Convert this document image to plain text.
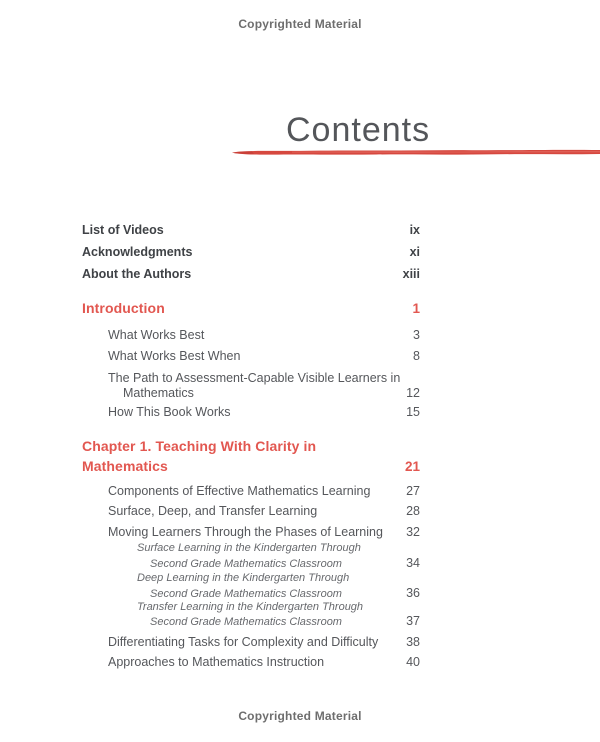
Copyrighted Material
Contents
List of Videos	ix
Acknowledgments	xi
About the Authors	xiii
Introduction	1
What Works Best	3
What Works Best When	8
The Path to Assessment-Capable Visible Learners in
Mathematics	12
How This Book Works	15
Chapter 1. Teaching With Clarity in
Mathematics	21
Components of Effective Mathematics Learning	27
Surface, Deep, and Transfer Learning	28
Moving Learners Through the Phases of Learning	32
Surface Learning in the Kindergarten Through
Second Grade Mathematics Classroom	34
Deep Learning in the Kindergarten Through
Second Grade Mathematics Classroom	36
Transfer Learning in the Kindergarten Through
Second Grade Mathematics Classroom	37
Differentiating Tasks for Complexity and Difficulty	38
Approaches to Mathematics Instruction	40
Copyrighted Material
